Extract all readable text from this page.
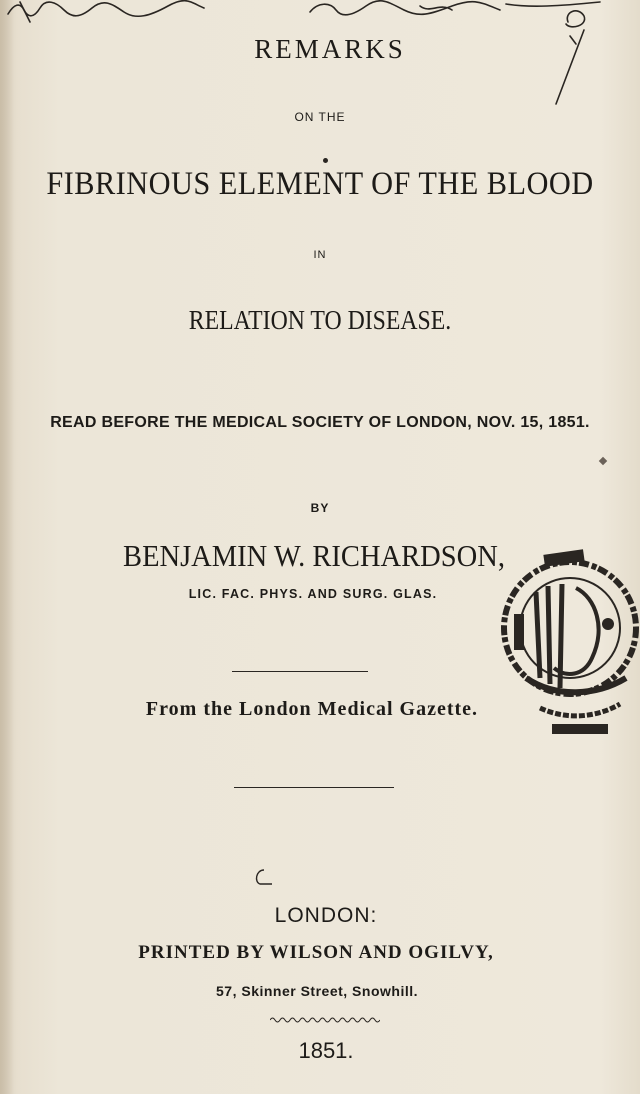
REMARKS
ON THE
FIBRINOUS ELEMENT OF THE BLOOD
IN
RELATION TO DISEASE.
READ BEFORE THE MEDICAL SOCIETY OF LONDON, NOV. 15, 1851.
BY
BENJAMIN W. RICHARDSON,
LIC. FAC. PHYS. AND SURG. GLAS.
From the London Medical Gazette.
LONDON:
PRINTED BY WILSON AND OGILVY,
57, Skinner Street, Snowhill.
1851.
